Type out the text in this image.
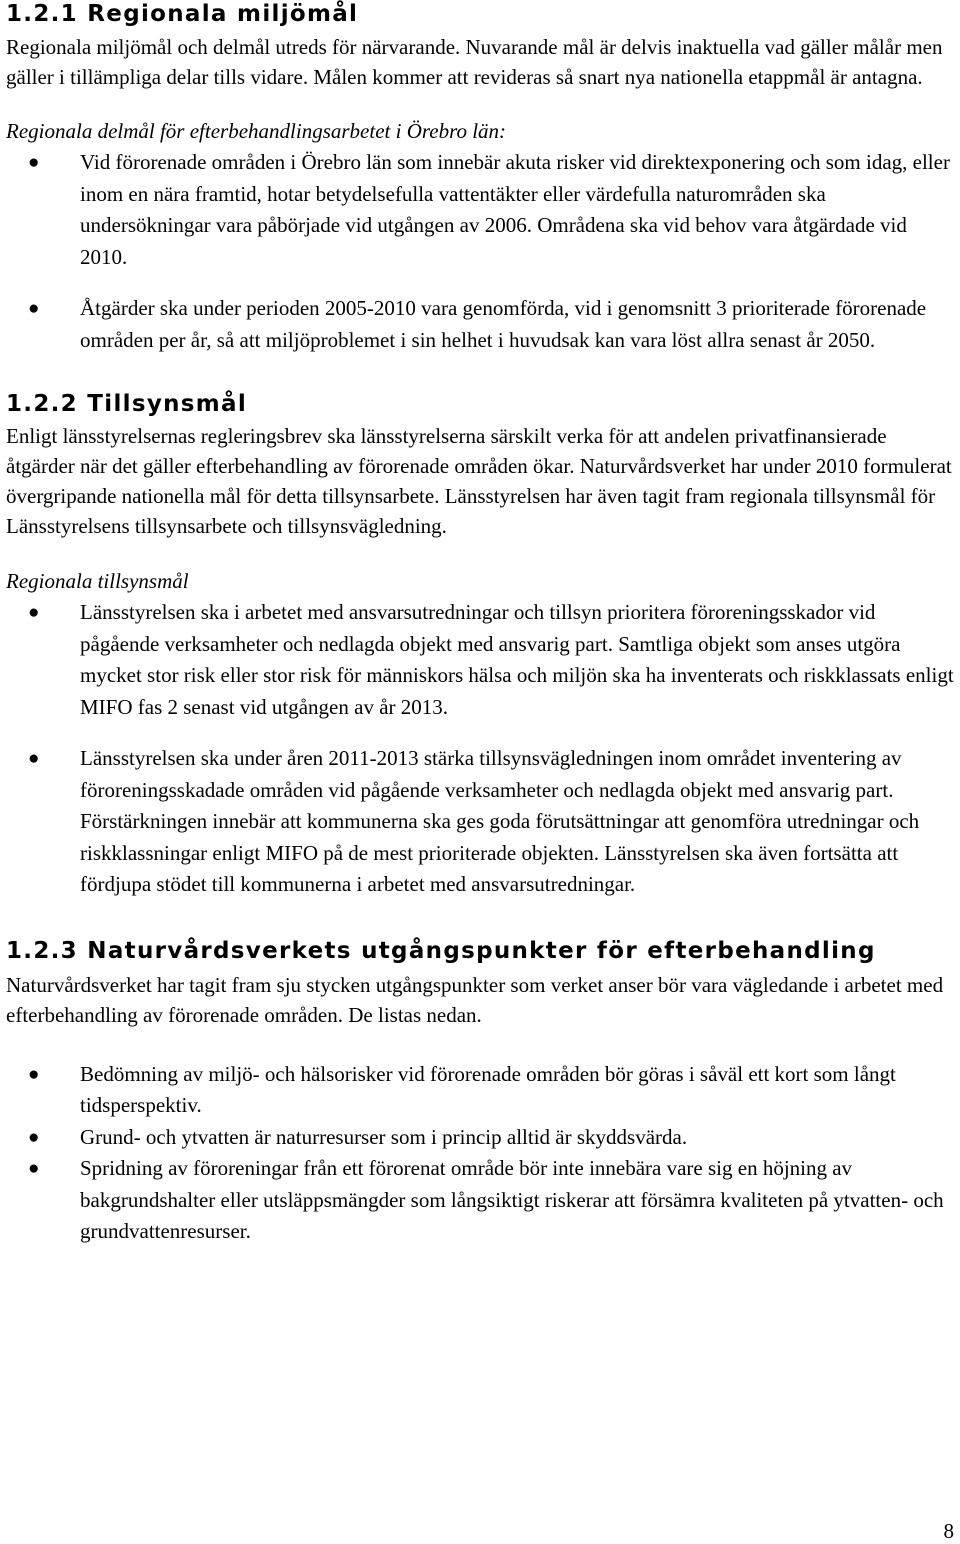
1.2.1 Regionala miljömål

Regionala miljömål och delmål utreds för närvarande. Nuvarande mål är delvis inaktuella vad gäller målår men gäller i tillämpliga delar tills vidare. Målen kommer att revideras så snart nya nationella etappmål är antagna.

Regionala delmål för efterbehandlingsarbetet i Örebro län:

● Vid förorenade områden i Örebro län som innebär akuta risker vid direktexponering och som idag, eller inom en nära framtid, hotar betydelsefulla vattentäkter eller värdefulla naturområden ska undersökningar vara påbörjade vid utgången av 2006. Områdena ska vid behov vara åtgärdade vid 2010.
● Åtgärder ska under perioden 2005-2010 vara genomförda, vid i genomsnitt 3 prioriterade förorenade områden per år, så att miljöproblemet i sin helhet i huvudsak kan vara löst allra senast år 2050.
1.2.2 Tillsynsmål

Enligt länsstyrelsernas regleringsbrev ska länsstyrelserna särskilt verka för att andelen privatfinansierade åtgärder när det gäller efterbehandling av förorenade områden ökar. Naturvårdsverket har under 2010 formulerat övergripande nationella mål för detta tillsynsarbete. Länsstyrelsen har även tagit fram regionala tillsynsmål för Länsstyrelsens tillsynsarbete och tillsynsvägledning.

Regionala tillsynsmål

● Länsstyrelsen ska i arbetet med ansvarsutredningar och tillsyn prioritera föroreningsskador vid pågående verksamheter och nedlagda objekt med ansvarig part. Samtliga objekt som anses utgöra mycket stor risk eller stor risk för människors hälsa och miljön ska ha inventerats och riskklassats enligt MIFO fas 2 senast vid utgången av år 2013.
● Länsstyrelsen ska under åren 2011-2013 stärka tillsynsvägledningen inom området inventering av föroreningsskadade områden vid pågående verksamheter och nedlagda objekt med ansvarig part. Förstärkningen innebär att kommunerna ska ges goda förutsättningar att genomföra utredningar och riskklassningar enligt MIFO på de mest prioriterade objekten. Länsstyrelsen ska även fortsätta att fördjupa stödet till kommunerna i arbetet med ansvarsutredningar.
1.2.3 Naturvårdsverkets utgångspunkter för efterbehandling

Naturvårdsverket har tagit fram sju stycken utgångspunkter som verket anser bör vara vägledande i arbetet med efterbehandling av förorenade områden. De listas nedan.

● Bedömning av miljö- och hälsorisker vid förorenade områden bör göras i såväl ett kort som långt tidsperspektiv.
● Grund- och ytvatten är naturresurser som i princip alltid är skyddsvärda.
● Spridning av föroreningar från ett förorenat område bör inte innebära vare sig en höjning av bakgrundshalter eller utsläppsmängder som långsiktigt riskerar att försämra kvaliteten på ytvatten- och grundvattenresurser.
8
